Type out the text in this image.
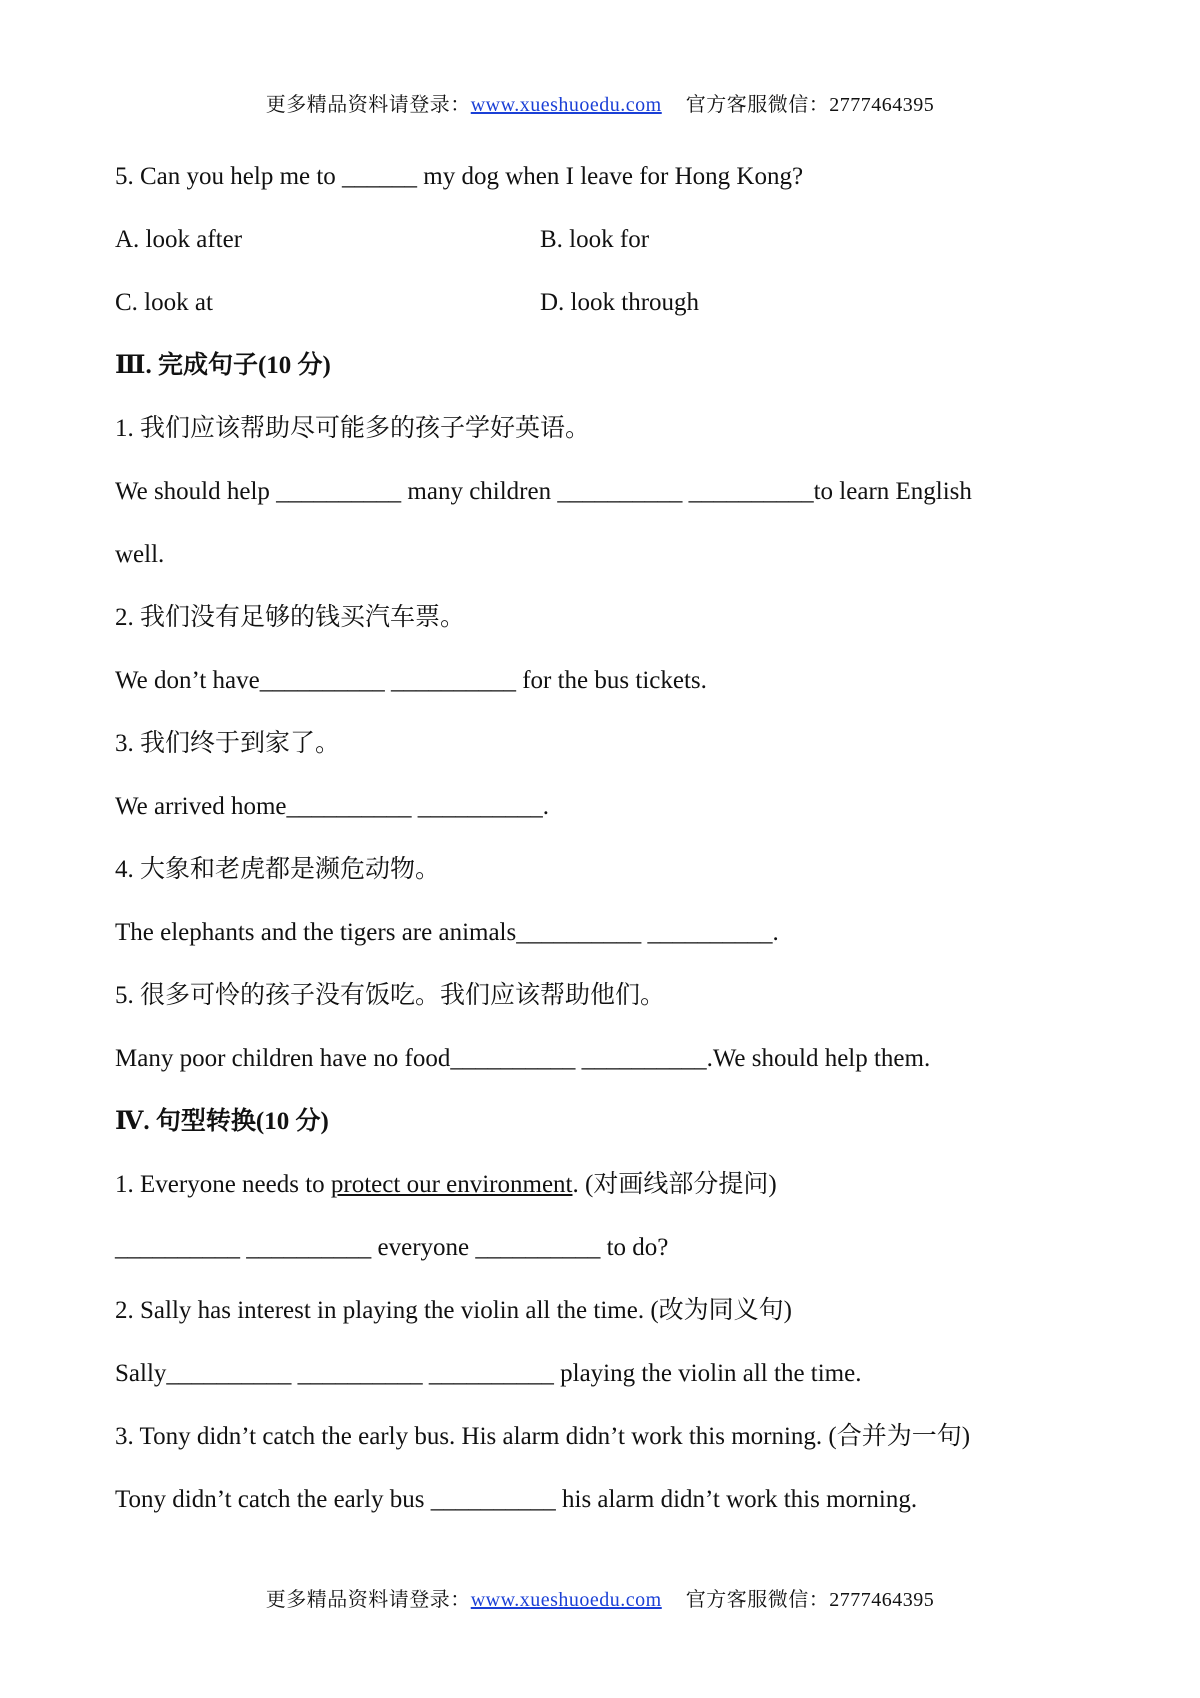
更多精品资料请登录：www.xueshuoedu.com 官方客服微信：2777464395
5. Can you help me to ______ my dog when I leave for Hong Kong?
A. look after	B. look for
C. look at	D. look through
Ⅲ. 完成句子(10 分)
1. 我们应该帮助尽可能多的孩子学好英语。
We should help __________ many children __________ __________to learn English
well.
2. 我们没有足够的钱买汽车票。
We don’t have__________ __________ for the bus tickets.
3. 我们终于到家了。
We arrived home__________ __________.
4. 大象和老虎都是濒危动物。
The elephants and the tigers are animals__________ __________.
5. 很多可怜的孩子没有饭吃。我们应该帮助他们。
Many poor children have no food__________ __________.We should help them.
Ⅳ. 句型转换(10 分)
1. Everyone needs to protect our environment. (对画线部分提问)
__________ __________ everyone __________ to do?
2. Sally has interest in playing the violin all the time. (改为同义句)
Sally__________ __________ __________ playing the violin all the time.
3. Tony didn’t catch the early bus. His alarm didn’t work this morning. (合并为一句)
Tony didn’t catch the early bus __________ his alarm didn’t work this morning.
更多精品资料请登录：www.xueshuoedu.com 官方客服微信：2777464395
